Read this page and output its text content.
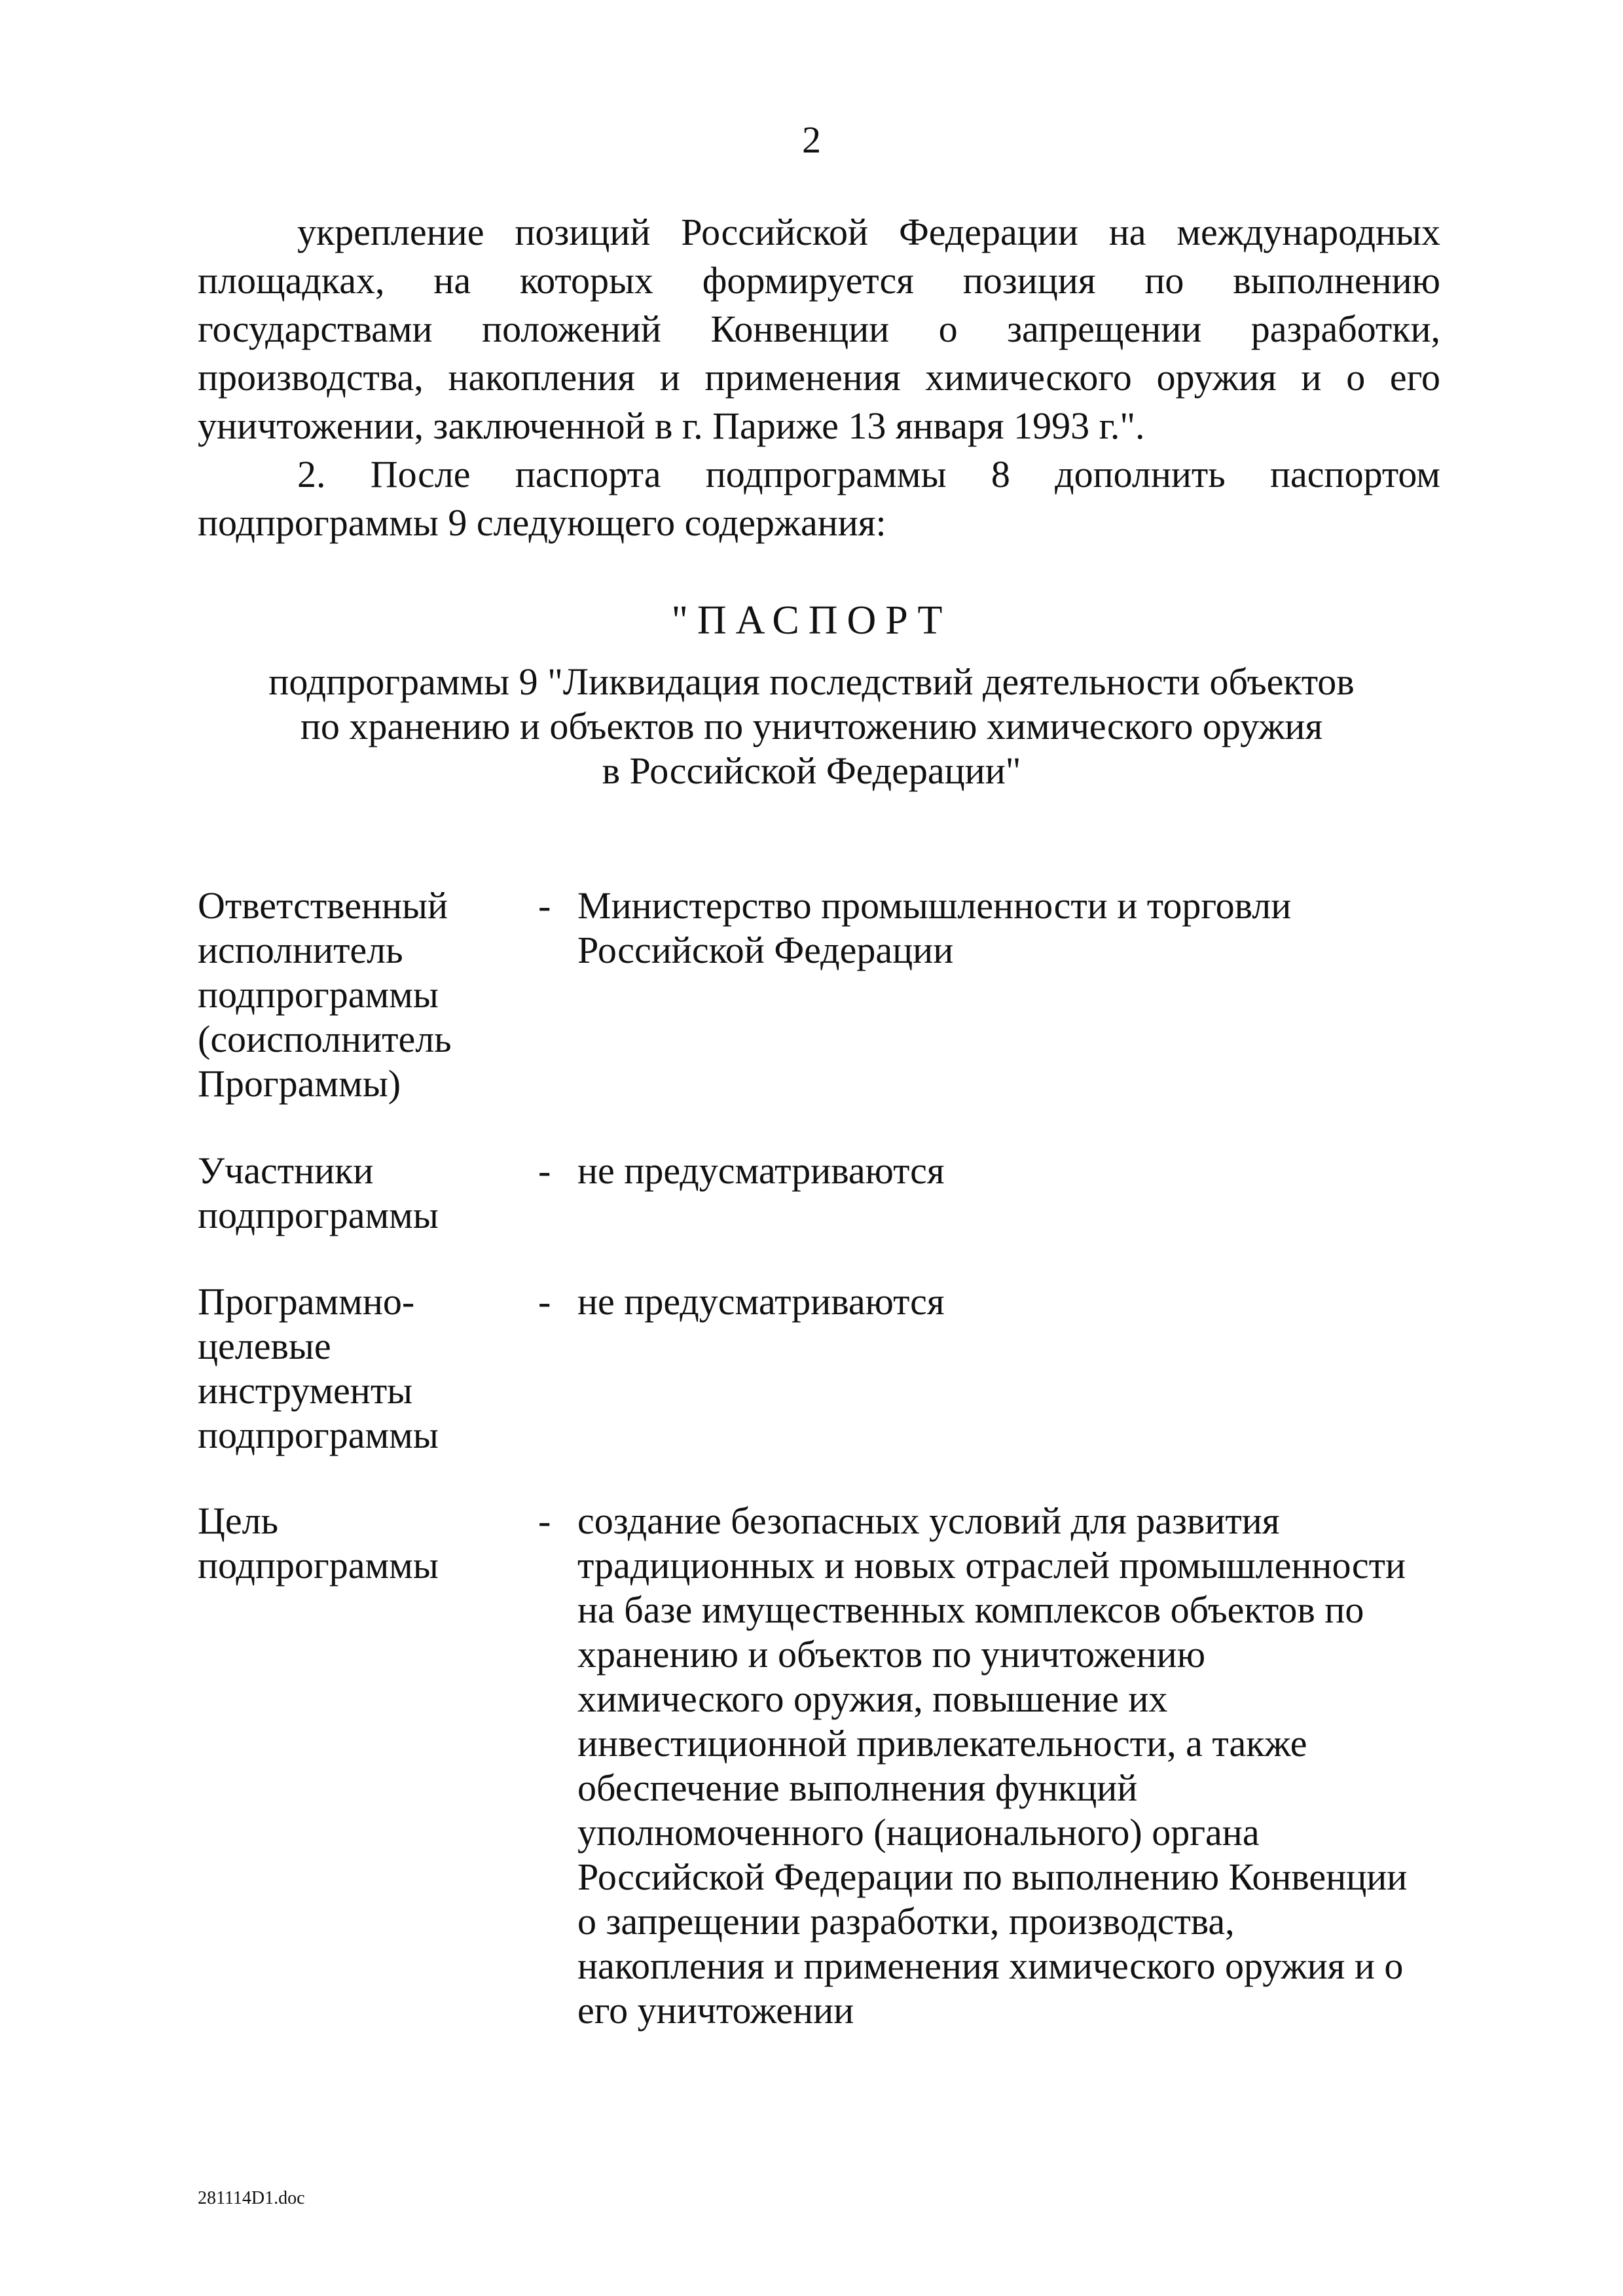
2

укрепление позиций Российской Федерации на международных площадках, на которых формируется позиция по выполнению государствами положений Конвенции о запрещении разработки, производства, накопления и применения химического оружия и о его уничтожении, заключенной в г. Париже 13 января 1993 г.".

2. После паспорта подпрограммы 8 дополнить паспортом подпрограммы 9 следующего содержания:

"ПАСПОРТ
подпрограммы 9 "Ликвидация последствий деятельности объектов
по хранению и объектов по уничтожению химического оружия
в Российской Федерации"
Ответственный
исполнитель
подпрограммы
(соисполнитель
Программы)
- Министерство промышленности и торговли
Российской Федерации
Участники
подпрограммы
- не предусматриваются
Программно-
целевые
инструменты
подпрограммы
- не предусматриваются
Цель
подпрограммы
- создание безопасных условий для развития
традиционных и новых отраслей промышленности
на базе имущественных комплексов объектов по
хранению и объектов по уничтожению
химического оружия, повышение их
инвестиционной привлекательности, а также
обеспечение выполнения функций
уполномоченного (национального) органа
Российской Федерации по выполнению Конвенции
о запрещении разработки, производства,
накопления и применения химического оружия и о
его уничтожении
281114D1.doc
